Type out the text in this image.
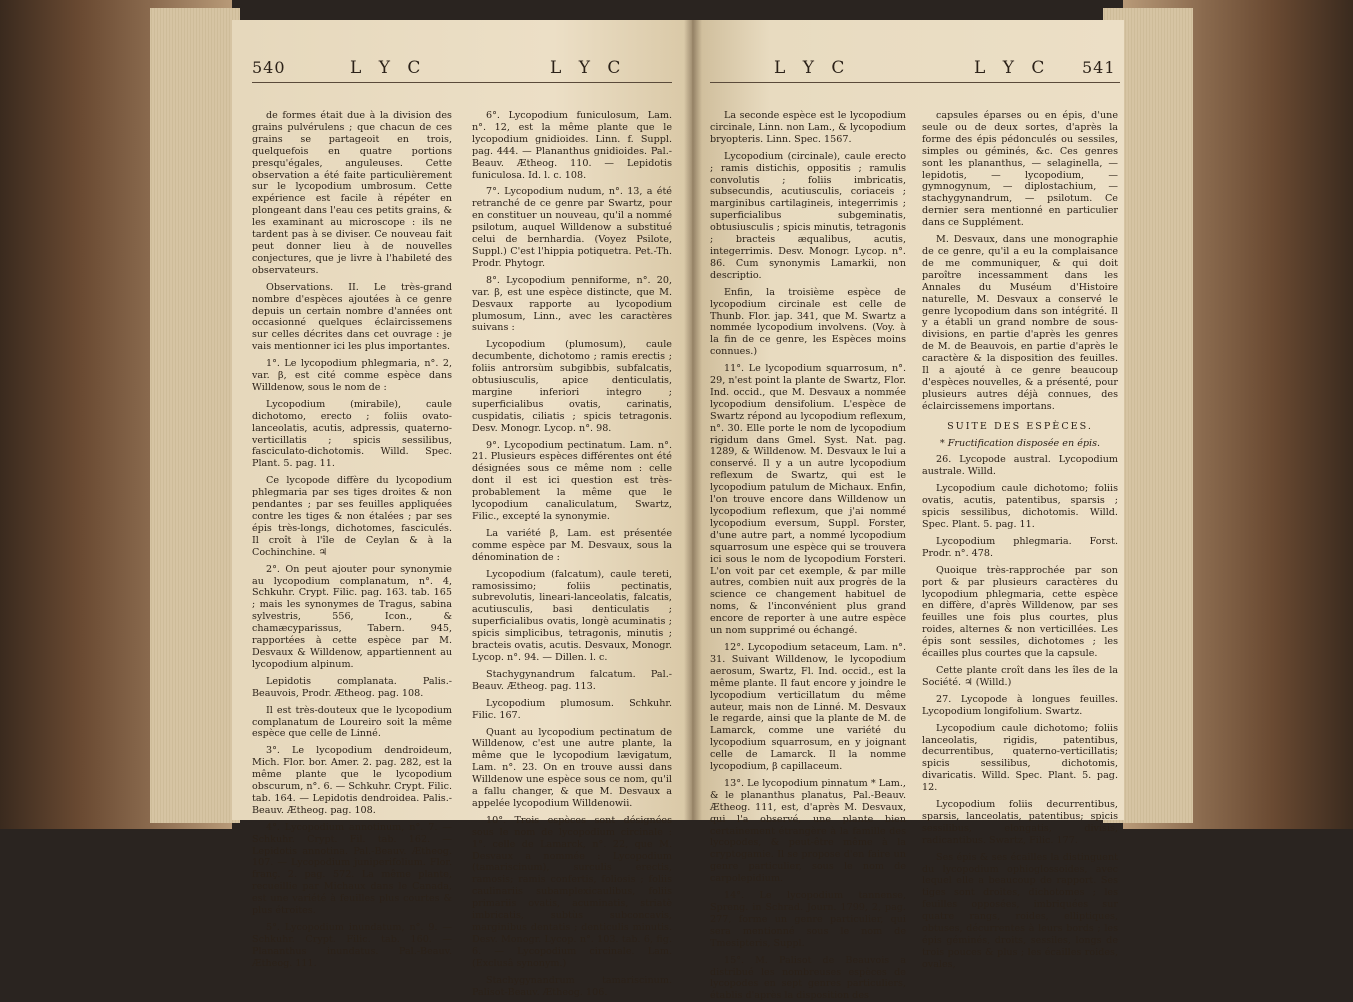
540	L Y C	L Y C

de formes était due à la division des grains pulvérulens ; que chacun de ces grains se partageoit en trois, quelquefois en quatre portions presqu'égales, anguleuses. Cette observation a été faite particulièrement sur le lycopodium umbrosum. Cette expérience est facile à répéter en plongeant dans l'eau ces petits grains, & les examinant au microscope : ils ne tardent pas à se diviser. Ce nouveau fait peut donner lieu à de nouvelles conjectures, que je livre à l'habileté des observateurs.

Observations. II. Le très-grand nombre d'espèces ajoutées à ce genre depuis un certain nombre d'années ont occasionné quelques éclaircissemens sur celles décrites dans cet ouvrage : je vais mentionner ici les plus importantes.

1°. Le lycopodium phlegmaria, n°. 2, var. β, est cité comme espèce dans Willdenow, sous le nom de :

Lycopodium (mirabile), caule dichotomo, erecto ; foliis ovato-lanceolatis, acutis, adpressis, quaterno-verticillatis ; spicis sessilibus, fasciculato-dichotomis. Willd. Spec. Plant. 5. pag. 11.

Ce lycopode diffère du lycopodium phlegmaria par ses tiges droites & non pendantes ; par ses feuilles appliquées contre les tiges & non étalées ; par ses épis très-longs, dichotomes, fasciculés. Il croît à l'île de Ceylan & à la Cochinchine. ♃

2°. On peut ajouter pour synonymie au lycopodium complanatum, n°. 4, Schkuhr. Crypt. Filic. pag. 163. tab. 165 ; mais les synonymes de Tragus, sabina sylvestris, 556, Icon., & chamæcyparissus, Tabern. 945, rapportées à cette espèce par M. Desvaux & Willdenow, appartiennent au lycopodium alpinum.

Lepidotis complanata. Palis.-Beauvois, Prodr. Ætheog. pag. 108.

Il est très-douteux que le lycopodium complanatum de Loureiro soit la même espèce que celle de Linné.

3°. Le lycopodium dendroideum, Mich. Flor. bor. Amer. 2. pag. 282, est la même plante que le lycopodium obscurum, n°. 6. — Schkuhr. Crypt. Filic. tab. 164. — Lepidotis dendroidea. Palis.-Beauv. Ætheog. pag. 108.

4°. Lycopodium annotinum, n°. 7. — Schkuhr. Crypt. Fil. tab. 162. — Lepidotis annotina. Pal.-Beauv. Ætheog. 107. — Lycopodium juniperifolium. Flor. franç. 2. pag. 572. La même plante, recueillie par Michaux dans le Canada, est une variété à feuilles plus courtes & plus étroites.

5°. Lycopodium inundatum, n°. 9. — Schkuhr. Crypt. Filic. tab. 160. — Plananthus inundatus. Pal.-Beauv. Ætheog. 111.

6°. Lycopodium funiculosum, Lam. n°. 12, est la même plante que le lycopodium gnidioides. Linn. f. Suppl. pag. 444. — Plananthus gnidioides. Pal.-Beauv. Ætheog. 110. — Lepidotis funiculosa. Id. l. c. 108.

7°. Lycopodium nudum, n°. 13, a été retranché de ce genre par Swartz, pour en constituer un nouveau, qu'il a nommé psilotum, auquel Willdenow a substitué celui de bernhardia. (Voyez Psilote, Suppl.) C'est l'hippia potiquetra. Pet.-Th. Prodr. Phytogr.

8°. Lycopodium penniforme, n°. 20, var. β, est une espèce distincte, que M. Desvaux rapporte au lycopodium plumosum, Linn., avec les caractères suivans :

Lycopodium (plumosum), caule decumbente, dichotomo ; ramis erectis ; foliis antrorsùm subgibbis, subfalcatis, obtusiusculis, apice denticulatis, margine inferiori integro ; superficialibus ovatis, carinatis, cuspidatis, ciliatis ; spicis tetragonis. Desv. Monogr. Lycop. n°. 98.

9°. Lycopodium pectinatum. Lam. n°. 21. Plusieurs espèces différentes ont été désignées sous ce même nom : celle dont il est ici question est très-probablement la même que le lycopodium canaliculatum, Swartz, Filic., excepté la synonymie.

La variété β, Lam. est présentée comme espèce par M. Desvaux, sous la dénomination de :

Lycopodium (falcatum), caule tereti, ramosissimo; foliis pectinatis, subrevolutis, lineari-lanceolatis, falcatis, acutiusculis, basi denticulatis ; superficialibus ovatis, longè acuminatis ; spicis simplicibus, tetragonis, minutis ; bracteis ovatis, acutis. Desvaux, Monogr. Lycop. n°. 94. — Dillen. l. c.

Stachygynandrum falcatum. Pal.-Beauv. Ætheog. pag. 113.

Lycopodium plumosum. Schkuhr. Filic. 167.

Quant au lycopodium pectinatum de Willdenow, c'est une autre plante, la même que le lycopodium lævigatum, Lam. n°. 23. On en trouve aussi dans Willdenow une espèce sous ce nom, qu'il a fallu changer, & que M. Desvaux a appelée lycopodium Willdenowii.

10°. Trois espèces sont désignées sous le nom de lycopodium circinale : 1°. celle de Lamarck, n°. 22, que M. Desvaux a nommée : Lycopodium (tamariscinum), surculis erectis, ramosis; ramis confertis, foliosis ; foliis caulinariis subamplexicaulibus, foliis primariis ovatis, acuminatis, striatè imbricatis, subtùs subconcavis, marginibus dentatis ; denticulis minutis. Desv. Monogr. Lycop. n°. 103. tab. 6, fig. 6. — Lycopodium circinale. Lam. (Exclusâ synonym.)

Stachygynandrum tamariscinum. Palisot-Beauv. Ætheog. 106.

L Y C	L Y C 541

La seconde espèce est le lycopodium circinale, Linn. non Lam., & lycopodium bryopteris. Linn. Spec. 1567.

Lycopodium (circinale), caule erecto ; ramis distichis, oppositis ; ramulis convolutis ; foliis imbricatis, subsecundis, acutiusculis, coriaceis ; marginibus cartilagineis, integerrimis ; superficialibus subgeminatis, obtusiusculis ; spicis minutis, tetragonis ; bracteis æqualibus, acutis, integerrimis. Desv. Monogr. Lycop. n°. 86. Cum synonymis Lamarkii, non descriptio.

Enfin, la troisième espèce de lycopodium circinale est celle de Thunb. Flor. jap. 341, que M. Swartz a nommée lycopodium involvens. (Voy. à la fin de ce genre, les Espèces moins connues.)

11°. Le lycopodium squarrosum, n°. 29, n'est point la plante de Swartz, Flor. Ind. occid., que M. Desvaux a nommée lycopodium densifolium. L'espèce de Swartz répond au lycopodium reflexum, n°. 30. Elle porte le nom de lycopodium rigidum dans Gmel. Syst. Nat. pag. 1289, & Willdenow. M. Desvaux le lui a conservé. Il y a un autre lycopodium reflexum de Swartz, qui est le lycopodium patulum de Michaux. Enfin, l'on trouve encore dans Willdenow un lycopodium reflexum, que j'ai nommé lycopodium eversum, Suppl. Forster, d'une autre part, a nommé lycopodium squarrosum une espèce qui se trouvera ici sous le nom de lycopodium Forsteri. L'on voit par cet exemple, & par mille autres, combien nuit aux progrès de la science ce changement habituel de noms, & l'inconvénient plus grand encore de reporter à une autre espèce un nom supprimé ou échangé.

12°. Lycopodium setaceum, Lam. n°. 31. Suivant Willdenow, le lycopodium aerosum, Swartz, Fl. Ind. occid., est la même plante. Il faut encore y joindre le lycopodium verticillatum du même auteur, mais non de Linné. M. Desvaux le regarde, ainsi que la plante de M. de Lamarck, comme une variété du lycopodium squarrosum, en y joignant celle de Lamarck. Il la nomme lycopodium, β capillaceum.

13°. Le lycopodium pinnatum * Lam., & le plananthus planatus, Pal.-Beauv. Ætheog. 111, est, d'après M. Desvaux, qui l'a observé, une plante bien certainement étrangère à la famille des lycopodes, & peut-être même à la cryptogamie. Il se propose d'en faire un genre particulier, sous le nom de carpolepidium.

14°. Le lycopodium tannense, Spreng. in Schrad. Journ. 1799, 2, pag. 277, forme un genre particulier, qui sera mentionné sous le nom de Tmesipteris, Suppl.

15°. M. Palisot de Beauvois a distribué les nombreuses espèces de lycopodes en sept genres particuliers, établis d'après la disposition des

capsules éparses ou en épis, d'une seule ou de deux sortes, d'après la forme des épis pédonculés ou sessiles, simples ou géminés, &c. Ces genres sont les plananthus, — selaginella, — lepidotis, — lycopodium, — gymnogynum, — diplostachium, — stachygynandrum, — psilotum. Ce dernier sera mentionné en particulier dans ce Supplément.

M. Desvaux, dans une monographie de ce genre, qu'il a eu la complaisance de me communiquer, & qui doit paroître incessamment dans les Annales du Muséum d'Histoire naturelle, M. Desvaux a conservé le genre lycopodium dans son intégrité. Il y a établi un grand nombre de sous-divisions, en partie d'après les genres de M. de Beauvois, en partie d'après le caractère & la disposition des feuilles. Il a ajouté à ce genre beaucoup d'espèces nouvelles, & a présenté, pour plusieurs autres déjà connues, des éclaircissemens importans.

SUITE DES ESPÈCES.

* Fructification disposée en épis.

26. Lycopode austral. Lycopodium australe. Willd.

Lycopodium caule dichotomo; foliis ovatis, acutis, patentibus, sparsis ; spicis sessilibus, dichotomis. Willd. Spec. Plant. 5. pag. 11.

Lycopodium phlegmaria. Forst. Prodr. n°. 478.

Quoique très-rapprochée par son port & par plusieurs caractères du lycopodium phlegmaria, cette espèce en diffère, d'après Willdenow, par ses feuilles une fois plus courtes, plus roides, alternes & non verticillées. Les épis sont sessiles, dichotomes ; les écailles plus courtes que la capsule.

Cette plante croît dans les îles de la Société. ♃ (Willd.)

27. Lycopode à longues feuilles. Lycopodium longifolium. Swartz.

Lycopodium caule dichotomo; foliis lanceolatis, rigidis, patentibus, decurrentibus, quaterno-verticillatis; spicis sessilibus, dichotomis, divaricatis. Willd. Spec. Plant. 5. pag. 12.

Lycopodium foliis decurrentibus, sparsis, lanceolatis, patentibus; spicis sessilibus, elongatis, divisis, radicantibus. Swartz, Filic. 177.

Ses épis & ses écailles la distinguent du lycopodium ophioglossoides, avec lequel elle a beaucoup de rapport. Ses tiges sont droites, dichotomes ; les feuilles opposées, imbriquées sur quatre rangs, roides, elliptiques, obtuses, décurrentes à leurs bords ; les épis géminés, droits, sessiles, longs de trois pouces & plus ; les écailles roides, ovales,
